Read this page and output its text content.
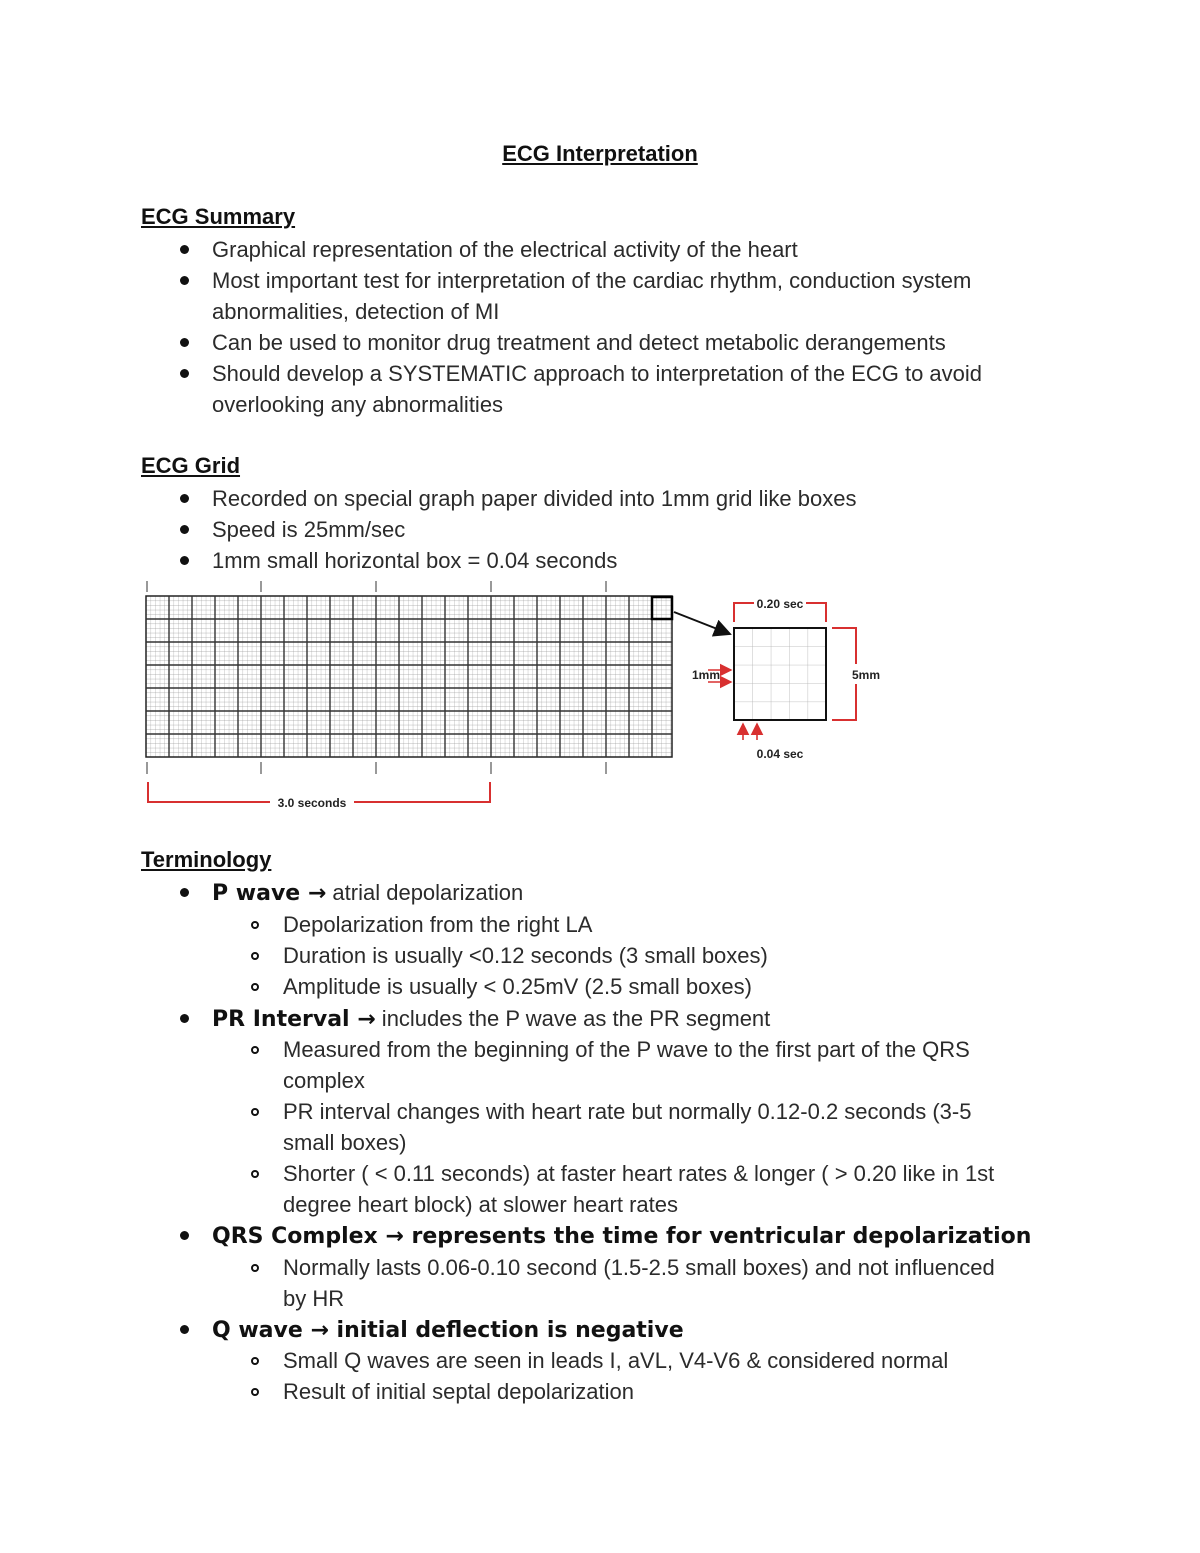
ECG Interpretation
ECG Summary
Graphical representation of the electrical activity of the heart
Most important test for interpretation of the cardiac rhythm, conduction system
abnormalities, detection of MI
Can be used to monitor drug treatment and detect metabolic derangements
Should develop a SYSTEMATIC approach to interpretation of the ECG to avoid
overlooking any abnormalities
ECG Grid
Recorded on special graph paper divided into 1mm grid like boxes
Speed is 25mm/sec
1mm small horizontal box = 0.04 seconds
0.20 sec
5mm
1mm
0.04 sec
3.0 seconds
Terminology
P wave → atrial depolarization
Depolarization from the right LA
Duration is usually <0.12 seconds (3 small boxes)
Amplitude is usually < 0.25mV (2.5 small boxes)
PR Interval → includes the P wave as the PR segment
Measured from the beginning of the P wave to the first part of the QRS
complex
PR interval changes with heart rate but normally 0.12-0.2 seconds (3-5
small boxes)
Shorter ( < 0.11 seconds) at faster heart rates & longer ( > 0.20 like in 1st
degree heart block) at slower heart rates
QRS Complex → represents the time for ventricular depolarization
Normally lasts 0.06-0.10 second (1.5-2.5 small boxes) and not influenced
by HR
Q wave → initial deflection is negative
Small Q waves are seen in leads I, aVL, V4-V6 & considered normal
Result of initial septal depolarization
